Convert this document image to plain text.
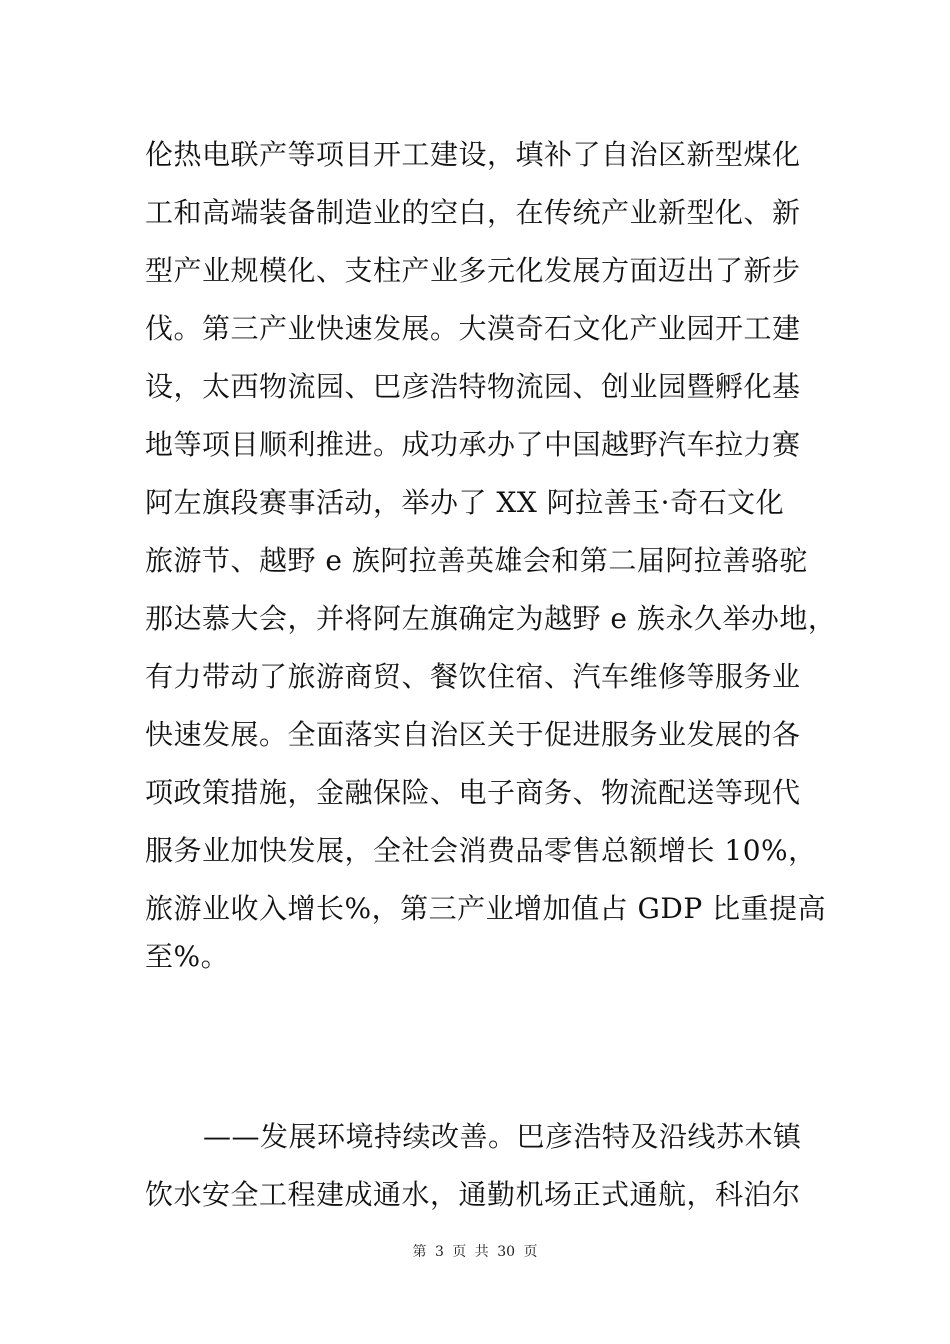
伦热电联产等项目开工建设，填补了自治区新型煤化
工和高端装备制造业的空白，在传统产业新型化、新
型产业规模化、支柱产业多元化发展方面迈出了新步
伐。第三产业快速发展。大漠奇石文化产业园开工建
设，太西物流园、巴彦浩特物流园、创业园暨孵化基
地等项目顺利推进。成功承办了中国越野汽车拉力赛
阿左旗段赛事活动，举办了 XX 阿拉善玉·奇石文化
旅游节、越野 e 族阿拉善英雄会和第二届阿拉善骆驼
那达慕大会，并将阿左旗确定为越野 e 族永久举办地，
有力带动了旅游商贸、餐饮住宿、汽车维修等服务业
快速发展。全面落实自治区关于促进服务业发展的各
项政策措施，金融保险、电子商务、物流配送等现代
服务业加快发展，全社会消费品零售总额增长 10%，
旅游业收入增长%，第三产业增加值占 GDP 比重提高
至%。
——发展环境持续改善。巴彦浩特及沿线苏木镇
饮水安全工程建成通水，通勤机场正式通航，科泊尔
第 3 页 共 30 页
